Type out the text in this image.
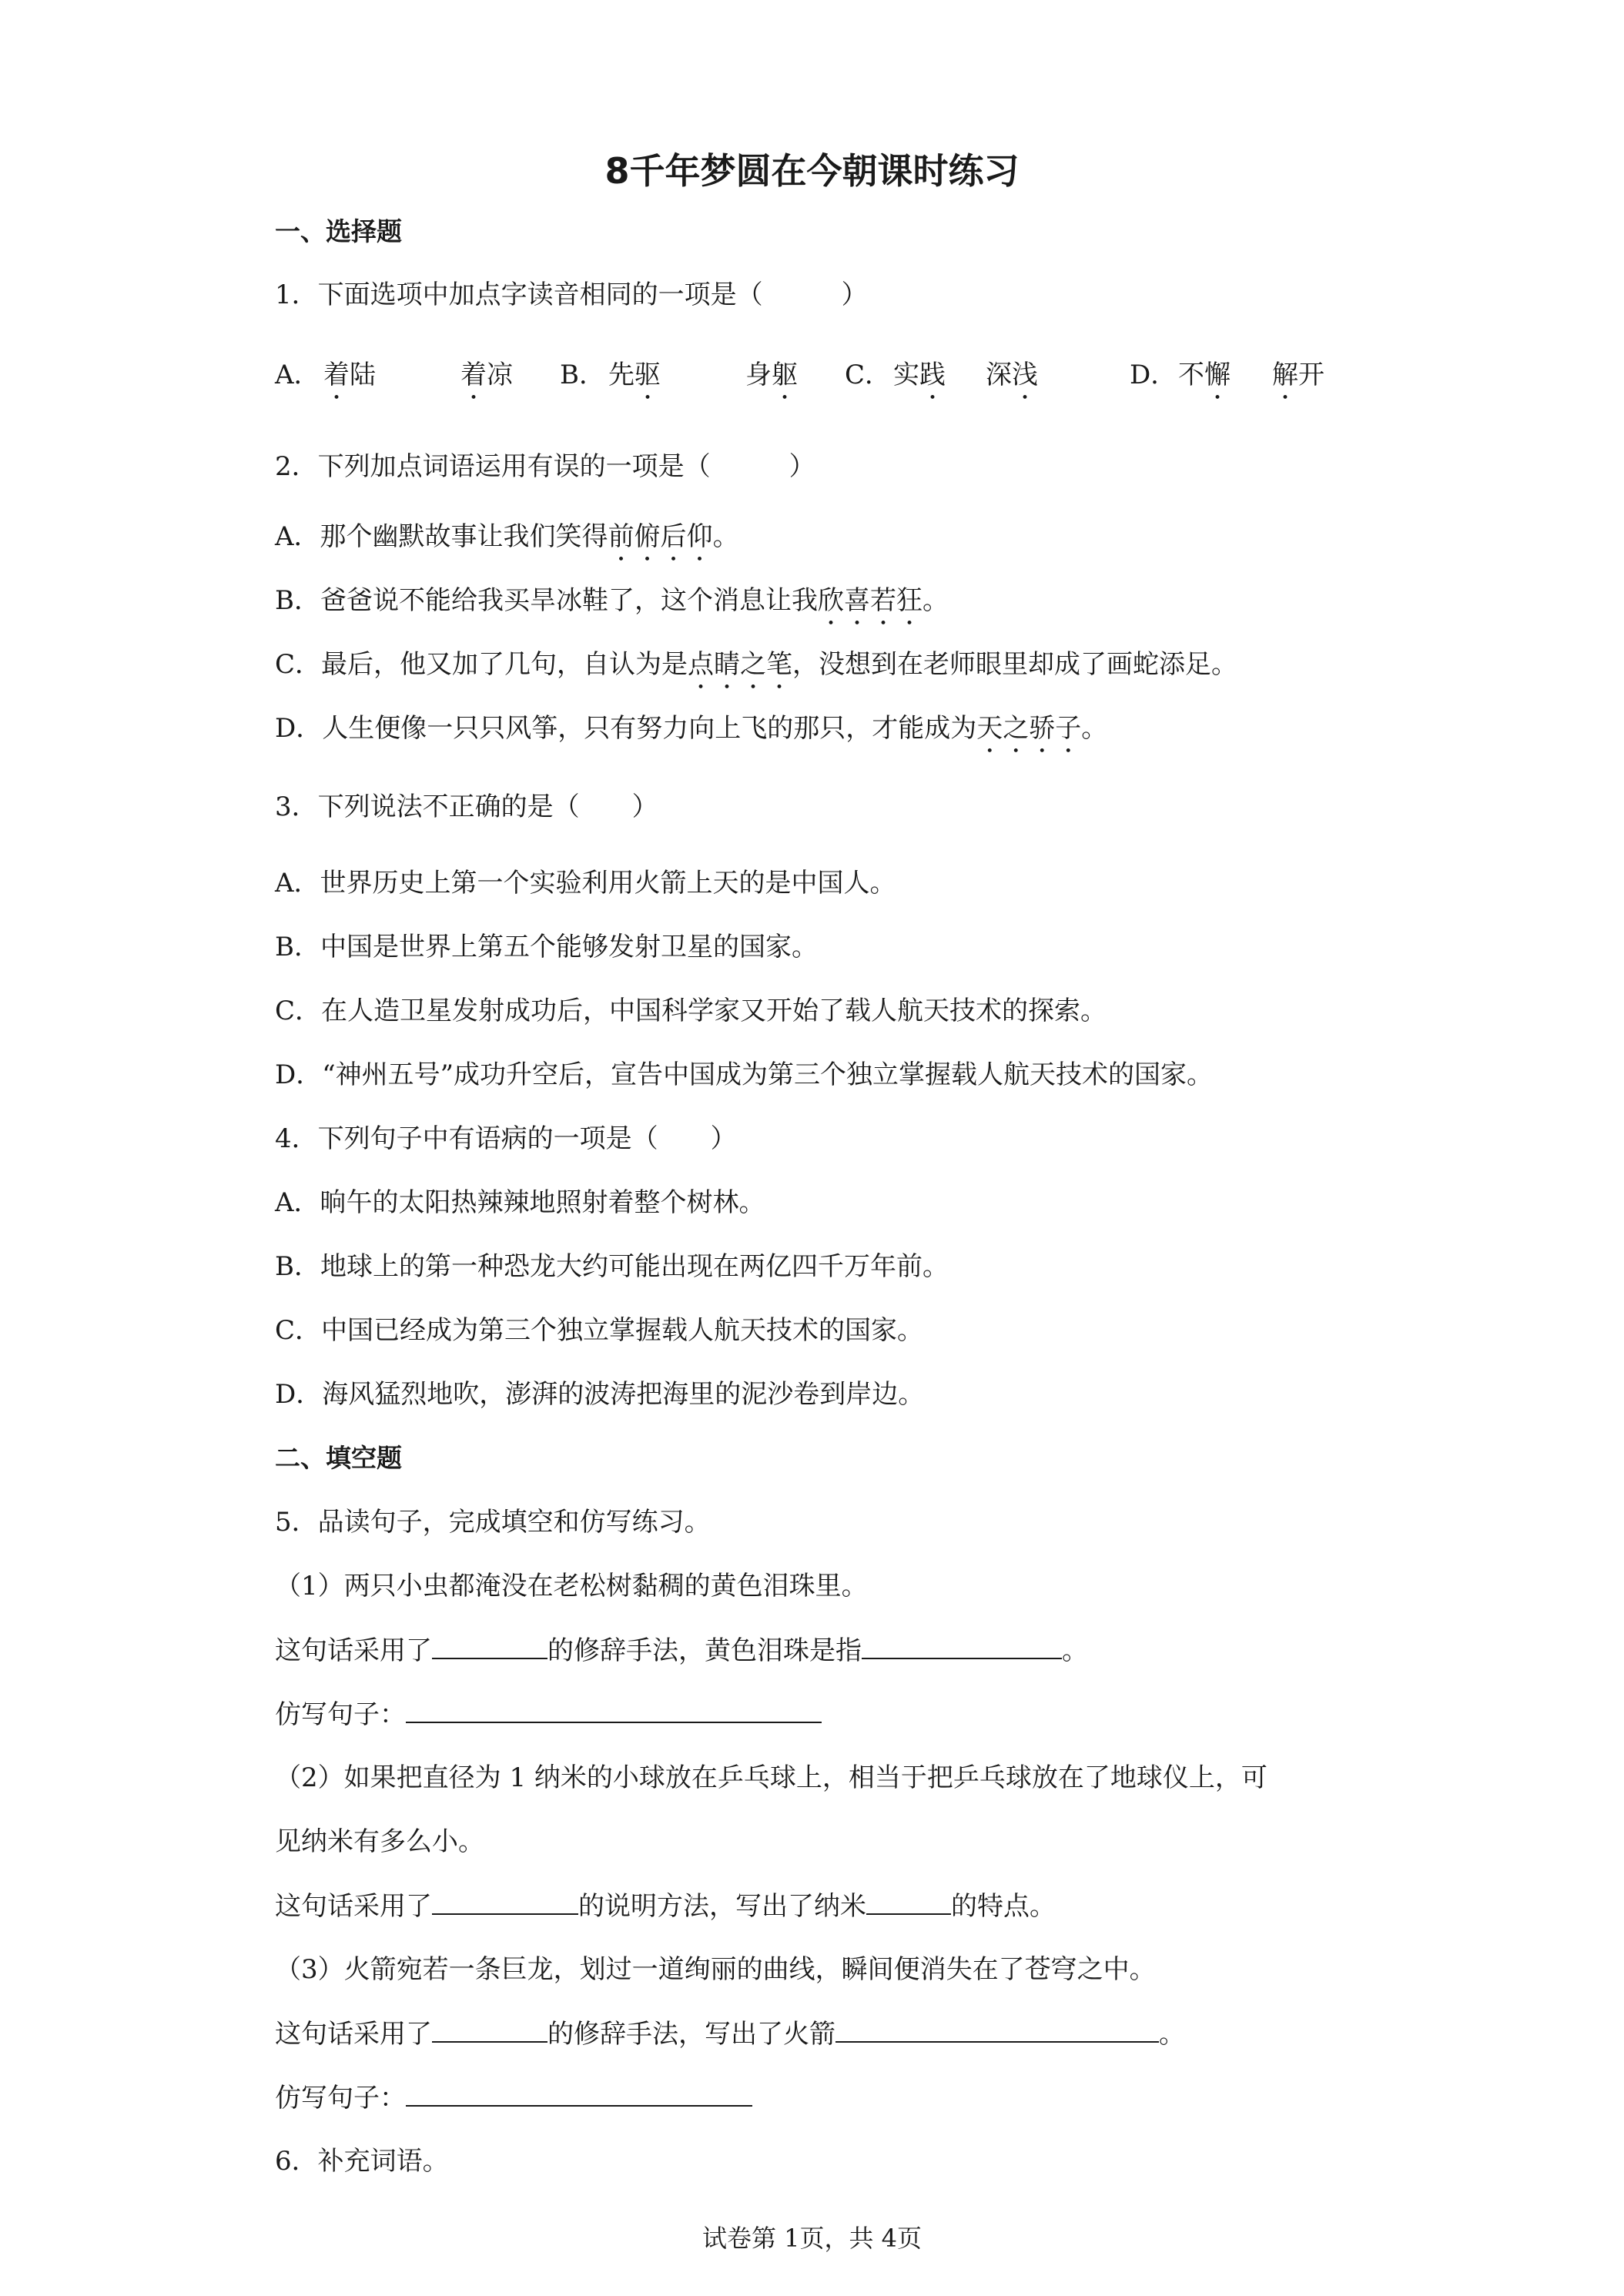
8千年梦圆在今朝课时练习
一、选择题
1．下面选项中加点字读音相同的一项是（　　　）
A． 着陆	着凉 B． 先驱	身躯 C． 实践 深浅	D． 不懈 解开
2．下列加点词语运用有误的一项是（　　　）
A．那个幽默故事让我们笑得前俯后仰。
B．爸爸说不能给我买旱冰鞋了，这个消息让我欣喜若狂。
C．最后，他又加了几句，自认为是点睛之笔，没想到在老师眼里却成了画蛇添足。
D．人生便像一只只风筝，只有努力向上飞的那只，才能成为天之骄子。
3．下列说法不正确的是（　　）
A．世界历史上第一个实验利用火箭上天的是中国人。
B．中国是世界上第五个能够发射卫星的国家。
C．在人造卫星发射成功后，中国科学家又开始了载人航天技术的探索。
D．“神州五号”成功升空后，宣告中国成为第三个独立掌握载人航天技术的国家。
4．下列句子中有语病的一项是（　　）
A．晌午的太阳热辣辣地照射着整个树林。
B．地球上的第一种恐龙大约可能出现在两亿四千万年前。
C．中国已经成为第三个独立掌握载人航天技术的国家。
D．海风猛烈地吹，澎湃的波涛把海里的泥沙卷到岸边。
二、填空题
5．品读句子，完成填空和仿写练习。
（1）两只小虫都淹没在老松树黏稠的黄色泪珠里。
这句话采用了	的修辞手法，黄色泪珠是指	。
仿写句子：
（2）如果把直径为 1 纳米的小球放在乒乓球上，相当于把乒乓球放在了地球仪上，可
见纳米有多么小。
这句话采用了	的说明方法，写出了纳米	的特点。
（3）火箭宛若一条巨龙，划过一道绚丽的曲线，瞬间便消失在了苍穹之中。
这句话采用了	的修辞手法，写出了火箭	。
仿写句子：
6．补充词语。
试卷第 1页，共 4页
